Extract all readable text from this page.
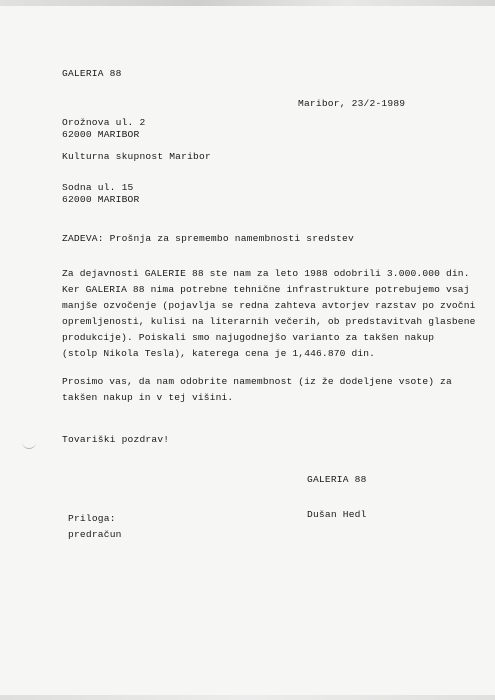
GALERIA 88
Orožnova ul. 2
62000 MARIBOR
Maribor, 23/2-1989
Kulturna skupnost Maribor
Sodna ul. 15
62000 MARIBOR
ZADEVA: Prošnja za spremembo namembnosti sredstev
Za dejavnosti GALERIE 88 ste nam za leto 1988 odobrili 3.000.000 din.
Ker GALERIA 88 nima potrebne tehnične infrastrukture potrebujemo vsaj
manjše ozvočenje (pojavlja se redna zahteva avtorjev razstav po zvočni
opremljenosti, kulisi na literarnih večerih, ob predstavitvah glasbene
produkcije). Poiskali smo najugodnejšo varianto za takšen nakup
(stolp Nikola Tesla), katerega cena je 1,446.870 din.
Prosimo vas, da nam odobrite namembnost (iz že dodeljene vsote) za
takšen nakup in v tej višini.
Tovariški pozdrav!
GALERIA 88
Dušan Hedl
Priloga:
predračun
